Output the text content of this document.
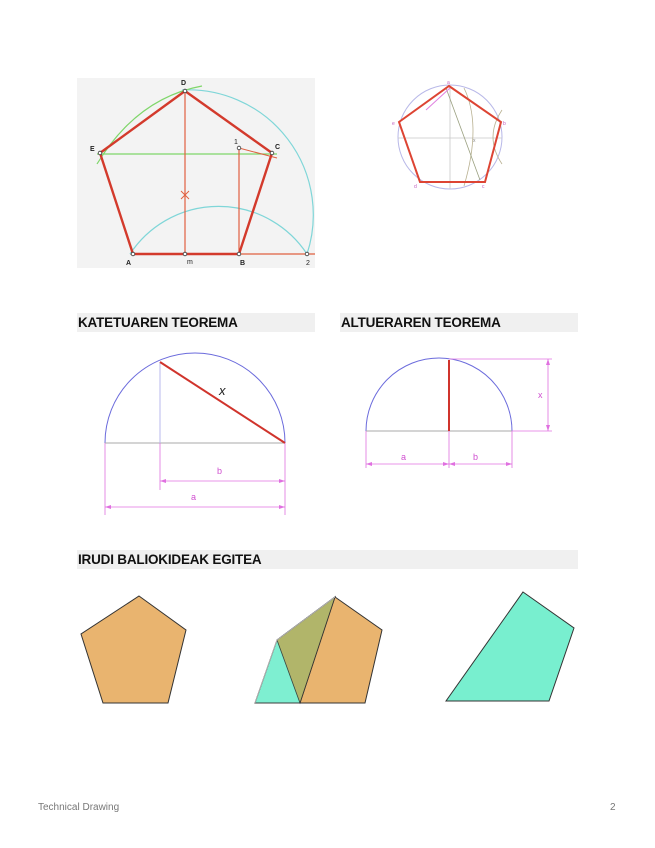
D
E	C
A	m	B	2
1
e	b
d	c
a
x
KATETUAREN TEOREMA	ALTUERAREN TEOREMA
IRUDI BALIOKIDEAK EGITEA
x
b
a
x
a	b
Technical Drawing	2
